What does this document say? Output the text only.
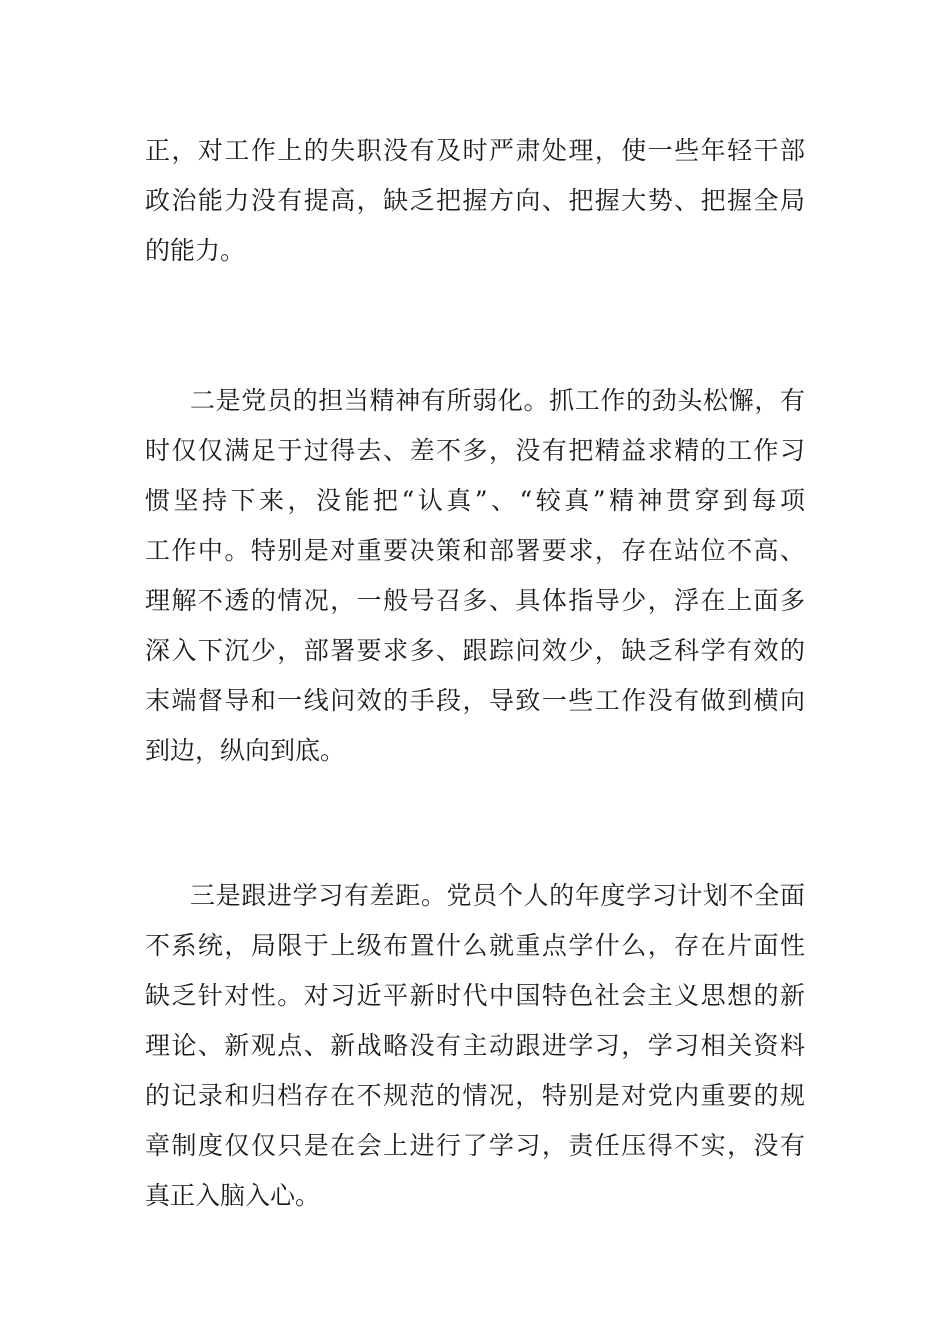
正，对工作上的失职没有及时严肃处理，使一些年轻干部

政治能力没有提高，缺乏把握方向、把握大势、把握全局

的能力。

二是党员的担当精神有所弱化。抓工作的劲头松懈，有

时仅仅满足于过得去、差不多，没有把精益求精的工作习

惯坚持下来，没能把“认真”、“较真”精神贯穿到每项

工作中。特别是对重要决策和部署要求，存在站位不高、

理解不透的情况，一般号召多、具体指导少，浮在上面多

深入下沉少，部署要求多、跟踪问效少，缺乏科学有效的

末端督导和一线问效的手段，导致一些工作没有做到横向

到边，纵向到底。

三是跟进学习有差距。党员个人的年度学习计划不全面

不系统，局限于上级布置什么就重点学什么，存在片面性

缺乏针对性。对习近平新时代中国特色社会主义思想的新

理论、新观点、新战略没有主动跟进学习，学习相关资料

的记录和归档存在不规范的情况，特别是对党内重要的规

章制度仅仅只是在会上进行了学习，责任压得不实，没有

真正入脑入心。
